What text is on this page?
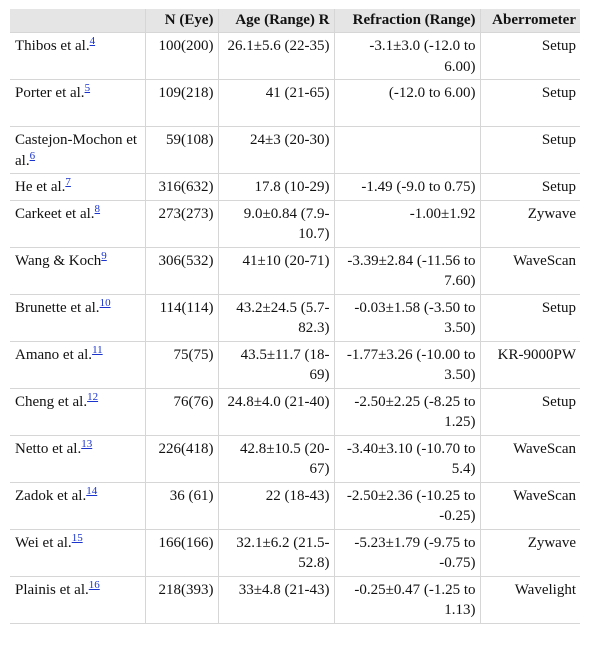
	N (Eye)	Age (Range) R	Refraction (Range)	Aberrometer
Thibos et al.$^4$	100(200)	26.1±5.6 (22-35)	-3.1±3.0 (-12.0 to 6.00)	Setup
Porter et al.$^5$	109(218)	41 (21-65)	(-12.0 to 6.00)	Setup
Castejon-Mochon et al.$^6$	59(108)	24±3 (20-30)		Setup
He et al.$^7$	316(632)	17.8 (10-29)	-1.49 (-9.0 to 0.75)	Setup
Carkeet et al.$^8$	273(273)	9.0±0.84 (7.9-10.7)	-1.00±1.92	Zywave
Wang & Koch$^9$	306(532)	41±10 (20-71)	-3.39±2.84 (-11.56 to 7.60)	WaveScan
Brunette et al.$^{10}$	114(114)	43.2±24.5 (5.7-82.3)	-0.03±1.58 (-3.50 to 3.50)	Setup
Amano et al.$^{11}$	75(75)	43.5±11.7 (18-69)	-1.77±3.26 (-10.00 to 3.50)	KR-9000PW
Cheng et al.$^{12}$	76(76)	24.8±4.0 (21-40)	-2.50±2.25 (-8.25 to 1.25)	Setup
Netto et al.$^{13}$	226(418)	42.8±10.5 (20-67)	-3.40±3.10 (-10.70 to 5.4)	WaveScan
Zadok et al.$^{14}$	36 (61)	22 (18-43)	-2.50±2.36 (-10.25 to -0.25)	WaveScan
Wei et al.$^{15}$	166(166)	32.1±6.2 (21.5-52.8)	-5.23±1.79 (-9.75 to -0.75)	Zywave
Plainis et al.$^{16}$	218(393)	33±4.8 (21-43)	-0.25±0.47 (-1.25 to 1.13)	Wavelight
